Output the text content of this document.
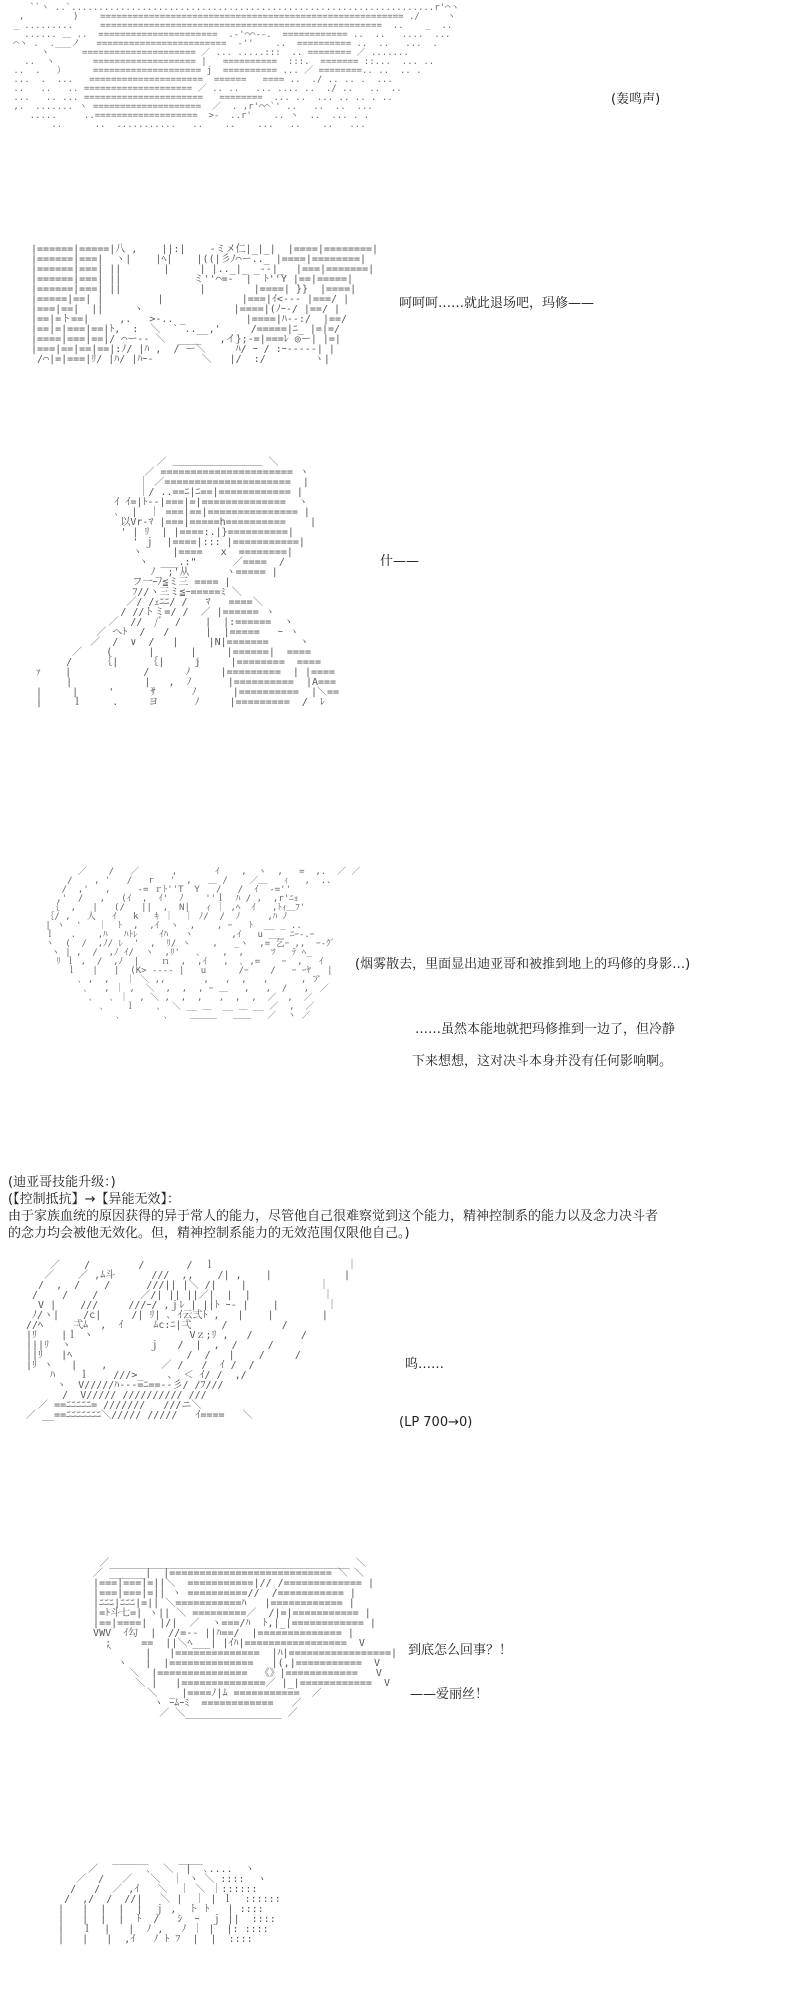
``ヽ ..`...................................................................r'⌒ヽ
,         )    ======================================================== ./     ヽ
_ .........     ====================================================  ..    _  ..
...... ＿ ..  ======================  .-'⌒⌒--.  ============ ..  ..   ....  ...
⌒ヽ .  .___ノ   ========================  -''    ..  ========== ..  ..   ...  .
ヽ      ===================== ／ ... .....:::  .. ======== ／ .......
..  ヽ       =================== |   ==========  :::.  ======= ::...  ... ..
..  .   ）     ==================== j  ========== ... ／ ========.. ..  .. .
...  .  ...   =====================  ======   ==== ..  ./ .. .. .  ...
..   ..   .. ==================== ／ .. ..   ... .... ..  ./ ..   ..  ..
...   .. ... ======================   ========  ... ..  ... .. .. . ..
,.  ....... ヽ ====================  ／  . ,r'⌒⌒`' ..   ..  ..  ...
.....     ..===================  >-  ..r'    .. ヽ  ..  ... . .
..      ..  ...........   ..    ..    ...   ..    ..   ...

(轰鸣声)
|======|=====|八 ,    ||:|    -ミメ仁|_|_|  |====|========|
|======|===|  ヽ|    |ﾍ|    |((|彡ﾉ⌒ー.._ |====|========|
|======|===| ||       |     | |.._|_ _--|_  |===|=======|
|======|===| ||            ミ''⌒=-  |  ﾄ''Y |==|=====|
|======|===| ||             |        |====| }}  |====|
|=====|==| |         |             |===|ｲ<--- |===/ |
|===|==|  ||     ヽ               |====|(ﾉｰ-/ |==/ |
|==|=ト==|     ,.   >-.. _          |====|ﾊ--:/  |==/
|==|=|===|==|ﾄ,  :  ＼  ` ..__,'     /=====|ﾆ_ |=|=/
|====|===|==|/ ⌒ー-- ＼  ____   ,イ};-=|===ﾚ ◎ー| |=|
|===|==|==|==|:ﾉ/ |ﾊ ,  / ー＼     ﾊ/ ｰ / :ｰ-----| |
/⌒|=|===|ﾘ/ |ﾊ/ |ﾊｰ-        ＼   |/  :/        ヽ|

呵呵呵……就此退场吧，玛修——
／ ＿＿＿＿＿＿＿＿＿ ＼
／ ====================== ヽ
｜ ／=====================  |
｜/ ..==ﾆ|ﾆ==|============ |
ｲ ｲ=|ﾄ--|===|=|==============  ヽ
､  |  ｜ ===|==|=============== |
以Vr-ﾏ |===|=====h==========    |
' | ﾘ  | |====:.|}==========|
' ｊ  |====|::: |===========|
ヽ     |====   x  ========|
ヽ  ___.:"      ／====  /
ﾉ_ ;'从      ヽ===== |
フ一ｰﾉ≦ミ三 ==== |
ﾌ//ヽ三ミ≦ｰ=====ﾐ ＼
／/ /ｪﾆﾆ/ /   ﾏ   ====＼
/ //トミ=/ /  ／ |====== ヽ
／  //  /ﾞ  /    |  |:======  ヽ
／ へﾄ  /   /      |  |=====   ｰ ヽ
／  /  ∨  /   |     |N|=======     ヽ
／    (      |      |     |======|  ====
/     ｛|     ｛|     j     |========  ====
ｧ    |            /      ﾉ     |=========  | |====
|            |   ,  ﾉ      |==========  |A===
|     |     '      ｻ      ﾉ      |==========  |＼==
|     ｌ     .     ヨ      ﾉ     |=========  /  ﾚ

什——
／    /   ／      ,       ｲ    ,  ヽ  ,   =  ,.  ／ ／
/    , '   /   r   '  ,   ＿ /    ／＿   ｨ   ,  ..
/  ,'   ,     -= ｒﾄ''T  Y   /   /  ｲ  -=''
,'  /   ,   (ｲ  ,  ｲ'  ﾉ    ''ｌ  ﾊ / ,  ,r'ﾆｮ
｛  ,   |   (/   ||  ,  N|   ｨ ｜ ,ﾍ  ｲ   ,ﾄｨ＿ﾌ'
｛/ ,   人   ｲ   k   ｷ ｜  ｜ ﾉ/  /  ﾉ     ,ﾊ ﾉ
| ヽ  '   ｜  ﾄ  ,  ,ｲ  ヽ  ,    , ｰ   ﾄ  __ _ ..
ｌ   .    ,ﾊ   ﾊﾄﾚ    ｲﾊ   ヽ       ,ｲ   u ___ ﾆｰ-.ｰ
ヽ  (  /  ,ﾉ/ ﾚ  '  ,  ﾘ/ ヽ    ,   _ヽ  ,= 乞ｰ ,,  ｰ-ｸﾞ
ヽ | ,  /  ,ﾉ ｲ/  ヽ  ,ﾘ'   ､    ,  ,     ﾂ   ﾃ ﾍ_
ﾘ ｌ ,  /  ,ﾉ  |    ｎ  ,  ,ｲ   ,  ､ ,=    ｰ  ,   ｲ
ｌ   |   |  (K> ---- |   u      /ｰ    /   ｰ ｰﾔ   |
､ ,  ,   ｜ ＼ ,,       ,   ,  ,   ,      , ア
､   , ｜ ,  ＼  ,  ,  , ｰ ＿   ,   ,  /   ,  ／
､   ､ ｜  , ＼ ,  ,  ,   ,  ,  ,  ／  ,  ／
､    ｌ    ､  ＼ __ ＿  __ ＿ __ ／  ,  ／
､        ､    ＿＿＿   ＿＿   ／  ヽ ／

(烟雾散去，里面显出迪亚哥和被推到地上的玛修的身影…)
……虽然本能地就把玛修推到一边了，但冷静
下来想想，这对决斗本身并没有任何影响啊。

(迪亚哥技能升级：)

(【控制抵抗】→【异能无效】：

由于家族血统的原因获得的异于常人的能力，尽管他自己很难察觉到这个能力，精神控制系的能力以及念力决斗者

的念力均会被他无效化。但，精神控制系能力的无效范围仅限他自己。)

／    /        /       /  ｌ                      ｜
／    ／ ,ﾑ斗      ///  ,,    /| ,    |            |
/  ,  /    /      ///|| |＼ /|    |            ｜
/    /    /       ／/| || ||／|  |  |            ｜
V |    ///     ///ｰ/ ,ｊﾚ | ||ﾄ ｰ- |    |        ｜
ﾉ/ヽ|    /c|     /| ﾘ| ､ ｲ云弍ﾄ ,   |    |        |
//ﾍ     弌ﾑ  ,  ｲ     ﾑc:ﾆ|弌     /         /
|ﾘ    |ｌ ヽ                Vｚ;ﾘ ,   /        /
|||ﾘ  ヽ             ｊ   /  |  ,  /     /
||ﾘ   |ﾍ                   /  /   |    /     /
|ﾘ ヽ   |    ,         ／ /   /  ｲ /  /
ﾊ    ｌ    ///>_    、 ＜ ｲ/ /  ,/
ヽ  V/////ﾊ---=ﾆ==--彡/ /ﾌ///
/  V///// ////////// ///
／ ==ﾆﾆﾆﾆﾆ= ///////   ///ニ＼
／ __==ﾆﾆﾆﾆﾆﾆﾆ＼///// /////   ｲ====   ＼

呜……
(LP 700→0)
／________________________________________ ＼
／ ______|  |=========================== ＼ ＼
|===|===|=||＼  ===========|// /============= |
|===|===|=|| ヽ ==========//  /=========== |
|ﾆﾆﾆ|ﾆﾆﾆ|=|| ＼===========ﾊ   |============ |
|=ﾄ斗七=| ヽ|| ＼ =========／  /|=|=========== |
|==|====|  |/|  ／  ヽ===/ﾊ  ﾄ,|_|============ |
VWV  ｲ勾  |  //=-- ||ﾊ==/  |============== |
;     ==  ||＼ﾍ___| |ｲﾊ|=================  V
｀     |   |==============  |ﾊ|=================|
ヽ   |  |==============   |(,|===========  V
＼  |===============  《》|============   V
＼ |   |==============／ |_|============  V
＼  _ |====ﾉ|ﾑ ===========  ／
ヽ ｰﾑｰﾐ  ============   ／
／ ＼________________ ／

到底怎么回事？！
——爱丽丝！
______     ____
／        ､  ＼  |  ､....  ヽ
／  /   ／   ＼  ｜ ヽ ＼ ::::  ヽ
/   /  ／ ,ｲ   ＼  ｜ ＼ ｜::::::
/  ,/  /  //|   ＼ |  ｜ | ｌ  ::::::
|   |  |  |  |  ｊ ,  ト ﾄ   | ::::
|   |  |  |  ﾄ  /   ｼ  ｰ  ｊ ||  ::::
|   ｌ  |   |  ﾉ ,   ﾉ ｜ |  |: ::::
|   |   |  ,ｲ   ﾉ ﾄ ﾌ  |  |  ::::
